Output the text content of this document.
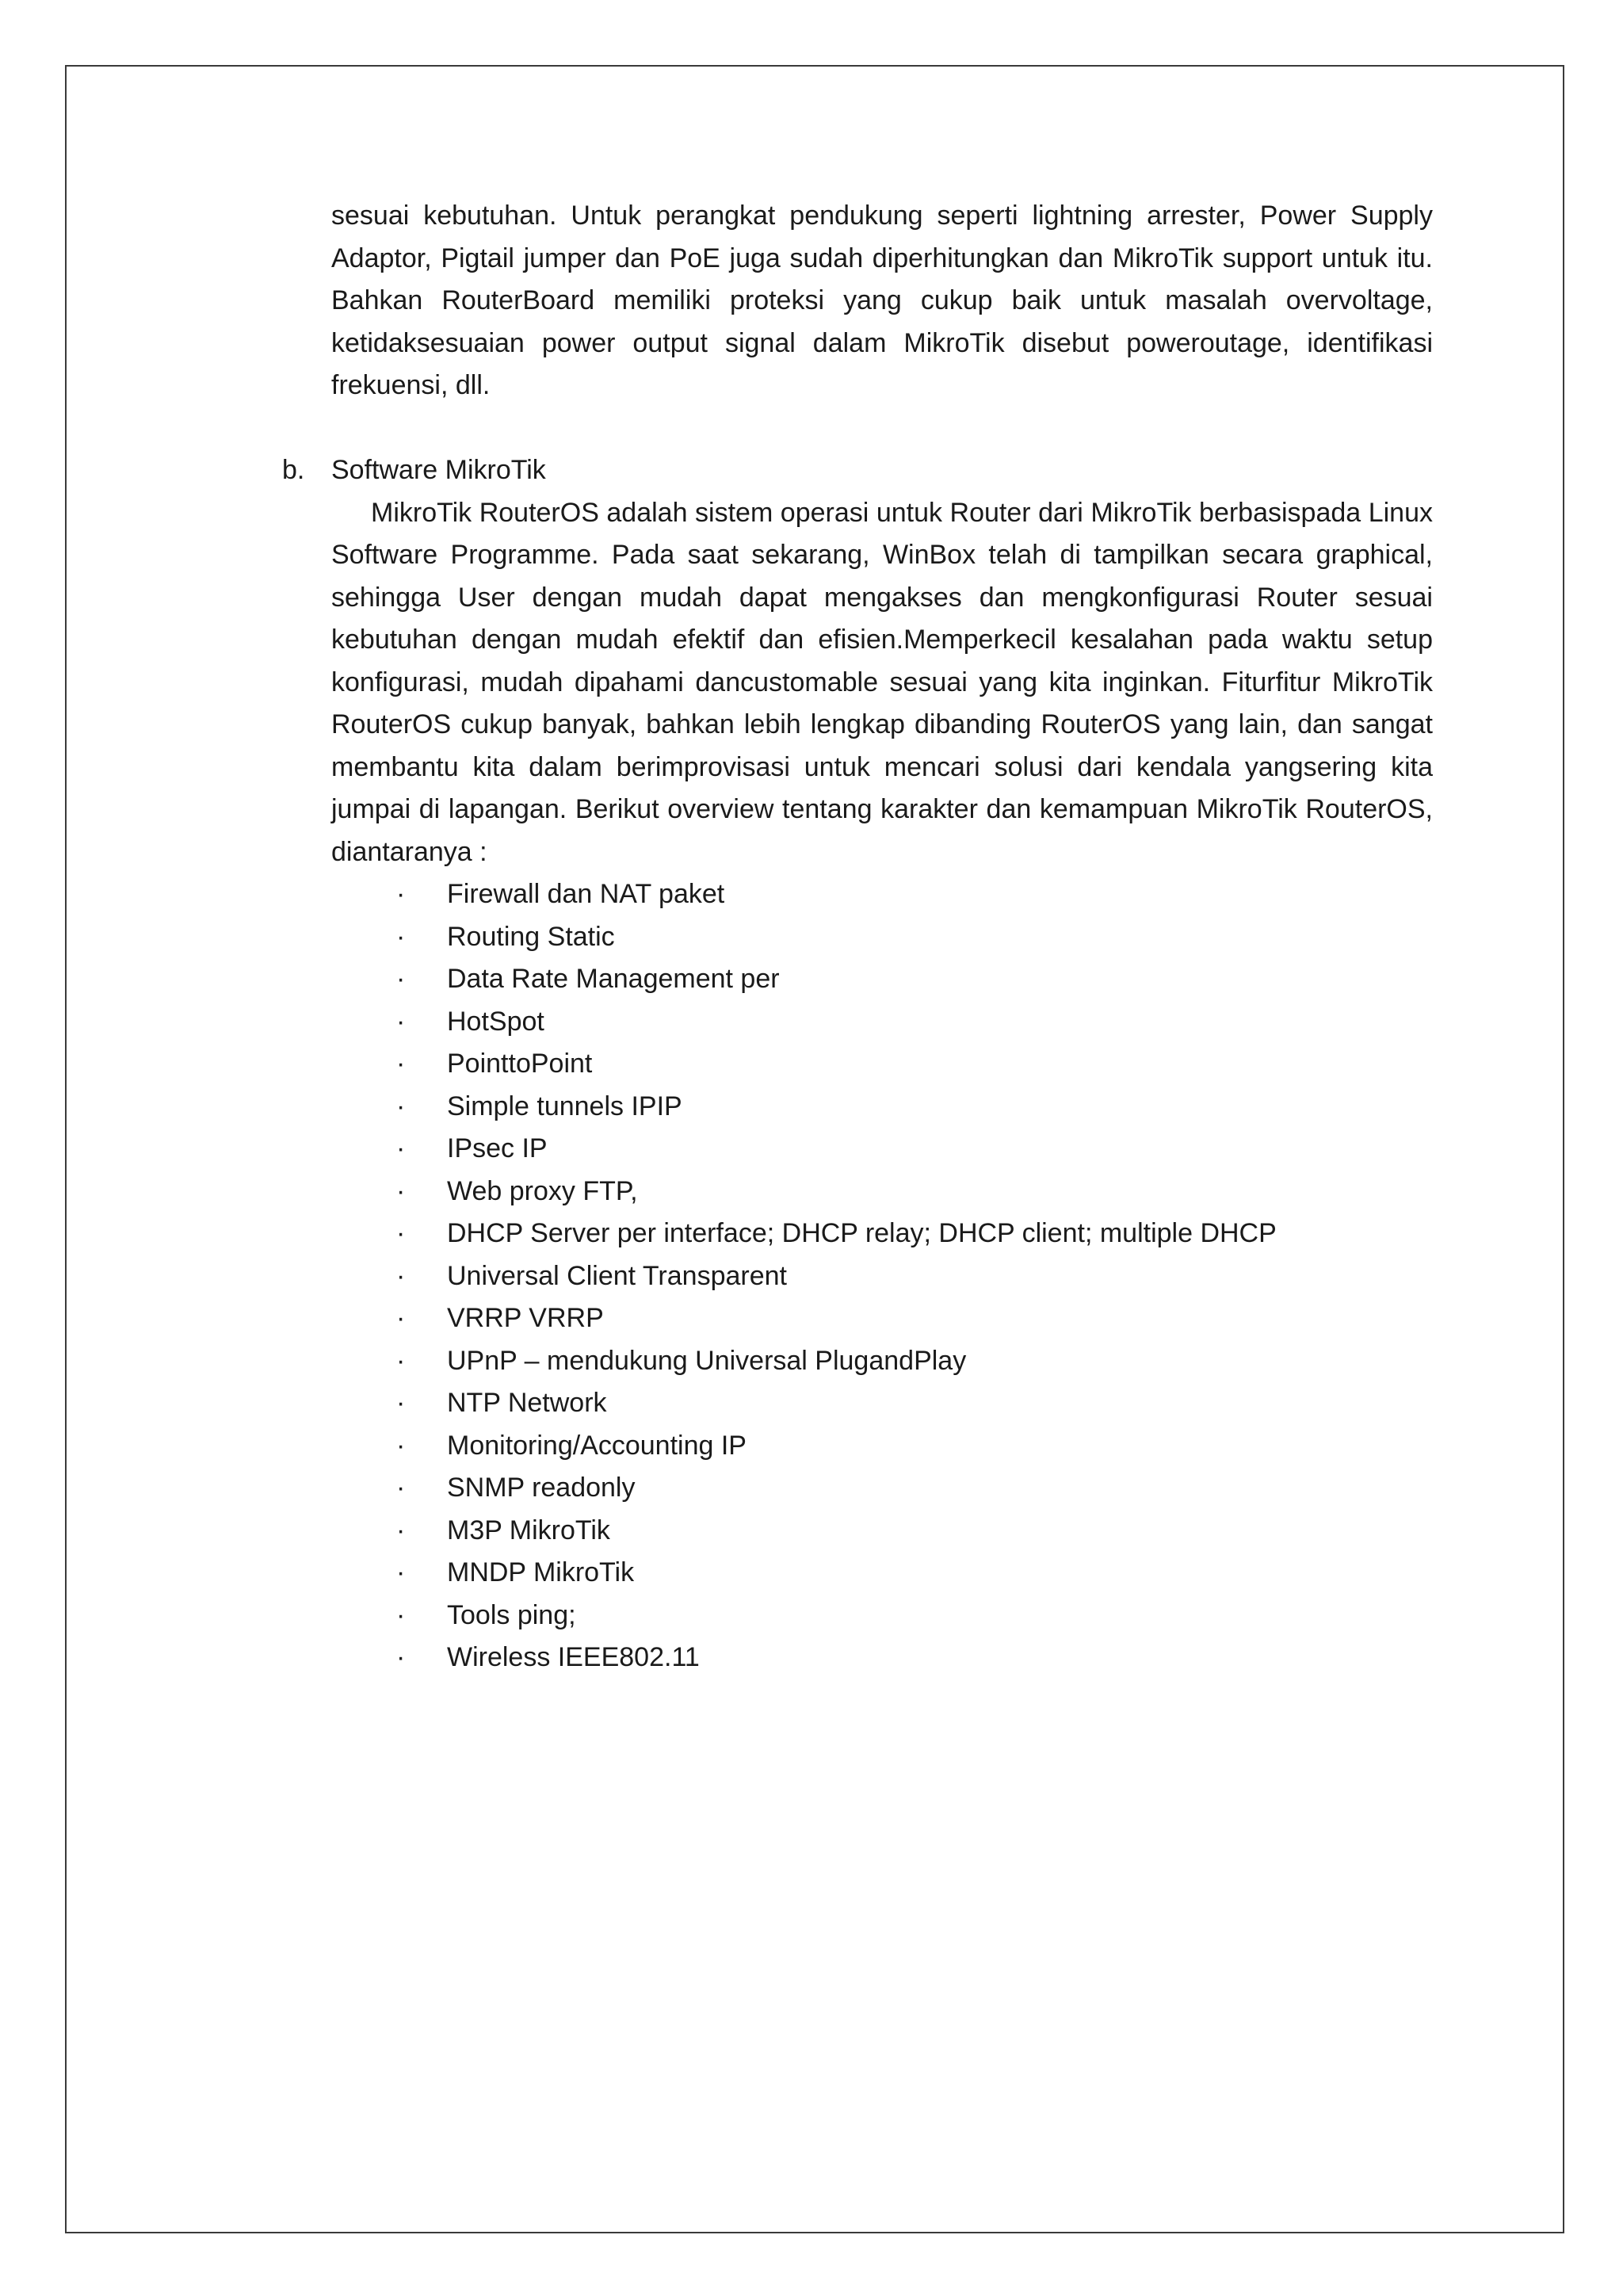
sesuai kebutuhan. Untuk perangkat pendukung seperti lightning arrester, Power Supply Adaptor, Pigtail jumper dan PoE juga sudah diperhitungkan dan MikroTik support untuk itu. Bahkan RouterBoard memiliki proteksi yang cukup baik untuk masalah overvoltage, ketidaksesuaian power output signal dalam MikroTik disebut poweroutage, identifikasi frekuensi, dll.

b. Software MikroTik

MikroTik RouterOS adalah sistem operasi untuk Router dari MikroTik berbasispada Linux Software Programme. Pada saat sekarang, WinBox telah di tampilkan secara graphical, sehingga User dengan mudah dapat mengakses dan mengkonfigurasi Router sesuai kebutuhan dengan mudah efektif dan efisien.Memperkecil kesalahan pada waktu setup konfigurasi, mudah dipahami dancustomable sesuai yang kita inginkan. Fiturfitur MikroTik RouterOS cukup banyak, bahkan lebih lengkap dibanding RouterOS yang lain, dan sangat membantu kita dalam berimprovisasi untuk mencari solusi dari kendala yangsering kita jumpai di lapangan. Berikut overview tentang karakter dan kemampuan MikroTik RouterOS, diantaranya :

· Firewall dan NAT paket
· Routing Static
· Data Rate Management per
· HotSpot
· PointtoPoint
· Simple tunnels IPIP
· IPsec IP
· Web proxy FTP,
· DHCP Server per interface; DHCP relay; DHCP client; multiple DHCP
· Universal Client Transparent
· VRRP VRRP
· UPnP – mendukung Universal PlugandPlay
· NTP Network
· Monitoring/Accounting IP
· SNMP readonly
· M3P MikroTik
· MNDP MikroTik
· Tools ping;
· Wireless IEEE802.11
